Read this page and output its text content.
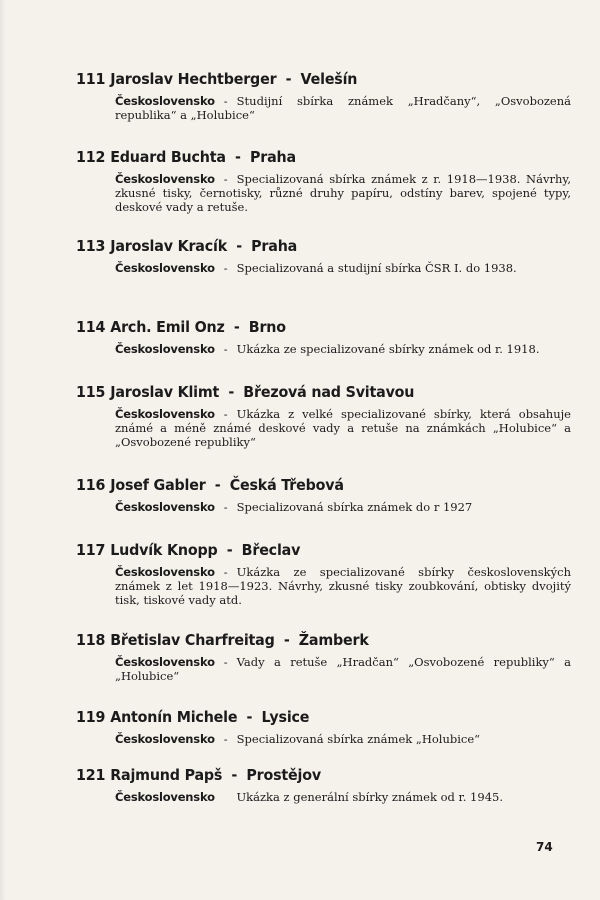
111 Jaroslav Hechtberger - Velešín
Československo - Studijní sbírka známek „Hradčany“, „Osvobozená republika“ a „Holubice“
112 Eduard Buchta - Praha
Československo - Specializovaná sbírka známek z r. 1918—1938. Návrhy, zkusné tisky, černotisky, různé druhy papíru, odstíny barev, spojené typy, deskové vady a retuše.
113 Jaroslav Kracík - Praha
Československo - Specializovaná a studijní sbírka ČSR I. do 1938.
114 Arch. Emil Onz - Brno
Československo - Ukázka ze specializované sbírky známek od r. 1918.
115 Jaroslav Klimt - Březová nad Svitavou
Československo - Ukázka z velké specializované sbírky, která obsahuje známé a méně známé deskové vady a retuše na známkách „Holubice“ a „Osvobozené republiky“
116 Josef Gabler - Česká Třebová
Československo - Specializovaná sbírka známek do r 1927
117 Ludvík Knopp - Břeclav
Československo - Ukázka ze specializované sbírky československých známek z let 1918—1923. Návrhy, zkusné tisky zoubkování, obtisky dvojitý tisk, tiskové vady atd.
118 Břetislav Charfreitag - Žamberk
Československo - Vady a retuše „Hradčan“ „Osvobozené republiky“ a „Holubice“
119 Antonín Michele - Lysice
Československo - Specializovaná sbírka známek „Holubice“
121 Rajmund Papš - Prostějov
Československo Ukázka z generální sbírky známek od r. 1945.
74
